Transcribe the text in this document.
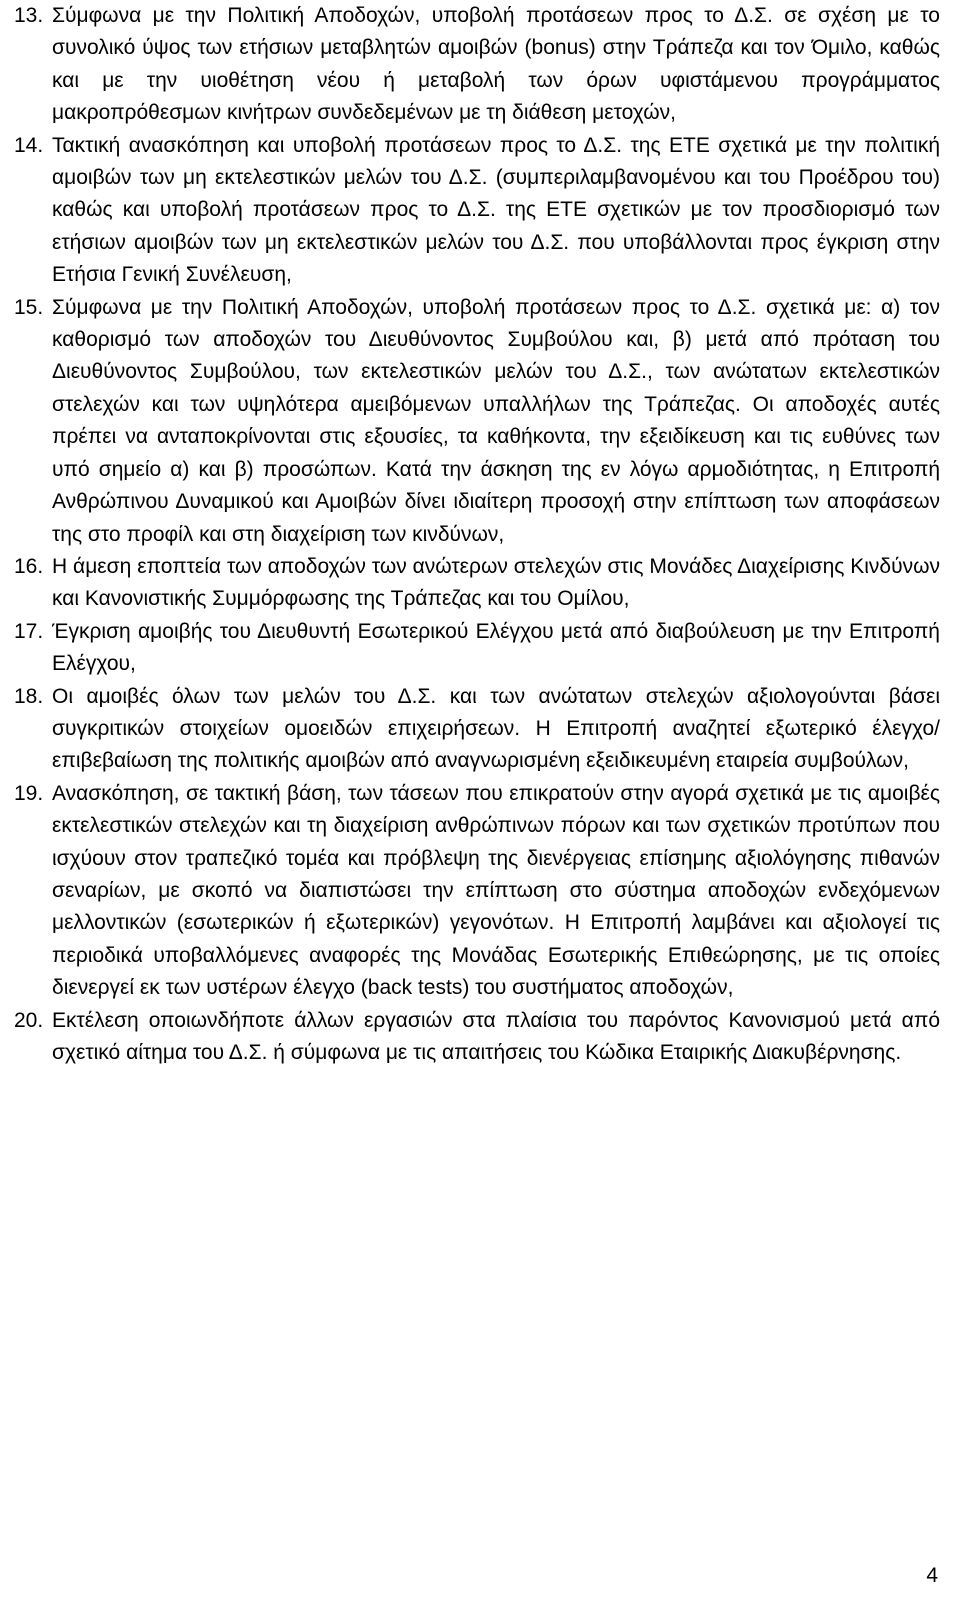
13. Σύμφωνα με την Πολιτική Αποδοχών, υποβολή προτάσεων προς το Δ.Σ. σε σχέση με το συνολικό ύψος των ετήσιων μεταβλητών αμοιβών (bonus) στην Τράπεζα και τον Όμιλο, καθώς και με την υιοθέτηση νέου ή μεταβολή των όρων υφιστάμενου προγράμματος μακροπρόθεσμων κινήτρων συνδεδεμένων με τη διάθεση μετοχών,

14. Τακτική ανασκόπηση και υποβολή προτάσεων προς το Δ.Σ. της ΕΤΕ σχετικά με την πολιτική αμοιβών των μη εκτελεστικών μελών του Δ.Σ. (συμπεριλαμβανομένου και του Προέδρου του) καθώς και υποβολή προτάσεων προς το Δ.Σ. της ΕΤΕ σχετικών με τον προσδιορισμό των ετήσιων αμοιβών των μη εκτελεστικών μελών του Δ.Σ. που υποβάλλονται προς έγκριση στην Ετήσια Γενική Συνέλευση,

15. Σύμφωνα με την Πολιτική Αποδοχών, υποβολή προτάσεων προς το Δ.Σ. σχετικά με: α) τον καθορισμό των αποδοχών του Διευθύνοντος Συμβούλου και, β) μετά από πρόταση του Διευθύνοντος Συμβούλου, των εκτελεστικών μελών του Δ.Σ., των ανώτατων εκτελεστικών στελεχών και των υψηλότερα αμειβόμενων υπαλλήλων της Τράπεζας. Οι αποδοχές αυτές πρέπει να ανταποκρίνονται στις εξουσίες, τα καθήκοντα, την εξειδίκευση και τις ευθύνες των υπό σημείο α) και β) προσώπων. Κατά την άσκηση της εν λόγω αρμοδιότητας, η Επιτροπή Ανθρώπινου Δυναμικού και Αμοιβών δίνει ιδιαίτερη προσοχή στην επίπτωση των αποφάσεων της στο προφίλ και στη διαχείριση των κινδύνων,

16. Η άμεση εποπτεία των αποδοχών των ανώτερων στελεχών στις Μονάδες Διαχείρισης Κινδύνων και Κανονιστικής Συμμόρφωσης της Τράπεζας και του Ομίλου,

17. Έγκριση αμοιβής του Διευθυντή Εσωτερικού Ελέγχου μετά από διαβούλευση με την Επιτροπή Ελέγχου,

18. Οι αμοιβές όλων των μελών του Δ.Σ. και των ανώτατων στελεχών αξιολογούνται βάσει συγκριτικών στοιχείων ομοειδών επιχειρήσεων. Η Επιτροπή αναζητεί εξωτερικό έλεγχο/επιβεβαίωση της πολιτικής αμοιβών από αναγνωρισμένη εξειδικευμένη εταιρεία συμβούλων,

19. Ανασκόπηση, σε τακτική βάση, των τάσεων που επικρατούν στην αγορά σχετικά με τις αμοιβές εκτελεστικών στελεχών και τη διαχείριση ανθρώπινων πόρων και των σχετικών προτύπων που ισχύουν στον τραπεζικό τομέα και πρόβλεψη της διενέργειας επίσημης αξιολόγησης πιθανών σεναρίων, με σκοπό να διαπιστώσει την επίπτωση στο σύστημα αποδοχών ενδεχόμενων μελλοντικών (εσωτερικών ή εξωτερικών) γεγονότων. Η Επιτροπή λαμβάνει και αξιολογεί τις περιοδικά υποβαλλόμενες αναφορές της Μονάδας Εσωτερικής Επιθεώρησης, με τις οποίες διενεργεί εκ των υστέρων έλεγχο (back tests) του συστήματος αποδοχών,

20. Εκτέλεση οποιωνδήποτε άλλων εργασιών στα πλαίσια του παρόντος Κανονισμού μετά από σχετικό αίτημα του Δ.Σ. ή σύμφωνα με τις απαιτήσεις του Κώδικα Εταιρικής Διακυβέρνησης.

4
